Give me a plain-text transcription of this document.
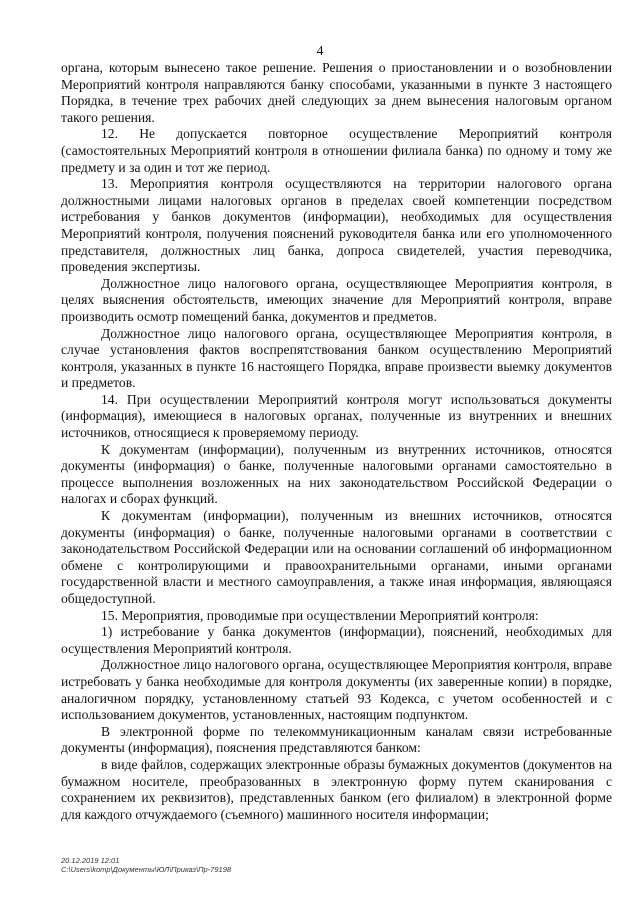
4

органа, которым вынесено такое решение. Решения о приостановлении и о возобновлении Мероприятий контроля направляются банку способами, указанными в пункте 3 настоящего Порядка, в течение трех рабочих дней следующих за днем вынесения налоговым органом такого решения.

12. Не допускается повторное осуществление Мероприятий контроля (самостоятельных Мероприятий контроля в отношении филиала банка) по одному и тому же предмету и за один и тот же период.

13. Мероприятия контроля осуществляются на территории налогового органа должностными лицами налоговых органов в пределах своей компетенции посредством истребования у банков документов (информации), необходимых для осуществления Мероприятий контроля, получения пояснений руководителя банка или его уполномоченного представителя, должностных лиц банка, допроса свидетелей, участия переводчика, проведения экспертизы.

Должностное лицо налогового органа, осуществляющее Мероприятия контроля, в целях выяснения обстоятельств, имеющих значение для Мероприятий контроля, вправе производить осмотр помещений банка, документов и предметов.

Должностное лицо налогового органа, осуществляющее Мероприятия контроля, в случае установления фактов воспрепятствования банком осуществлению Мероприятий контроля, указанных в пункте 16 настоящего Порядка, вправе произвести выемку документов и предметов.

14. При осуществлении Мероприятий контроля могут использоваться документы (информация), имеющиеся в налоговых органах, полученные из внутренних и внешних источников, относящиеся к проверяемому периоду.

К документам (информации), полученным из внутренних источников, относятся документы (информация) о банке, полученные налоговыми органами самостоятельно в процессе выполнения возложенных на них законодательством Российской Федерации о налогах и сборах функций.

К документам (информации), полученным из внешних источников, относятся документы (информация) о банке, полученные налоговыми органами в соответствии с законодательством Российской Федерации или на основании соглашений об информационном обмене с контролирующими и правоохранительными органами, иными органами государственной власти и местного самоуправления, а также иная информация, являющаяся общедоступной.

15. Мероприятия, проводимые при осуществлении Мероприятий контроля:

1) истребование у банка документов (информации), пояснений, необходимых для осуществления Мероприятий контроля.

Должностное лицо налогового органа, осуществляющее Мероприятия контроля, вправе истребовать у банка необходимые для контроля документы (их заверенные копии) в порядке, аналогичном порядку, установленному статьей 93 Кодекса, с учетом особенностей и с использованием документов, установленных, настоящим подпунктом.

В электронной форме по телекоммуникационным каналам связи истребованные документы (информация), пояснения представляются банком:

в виде файлов, содержащих электронные образы бумажных документов (документов на бумажном носителе, преобразованных в электронную форму путем сканирования с сохранением их реквизитов), представленных банком (его филиалом) в электронной форме для каждого отчуждаемого (съемного) машинного носителя информации;

20.12.2019 12:01
C:\Users\komp\Документы\ЮЛ\Приказ\Пр-79198
